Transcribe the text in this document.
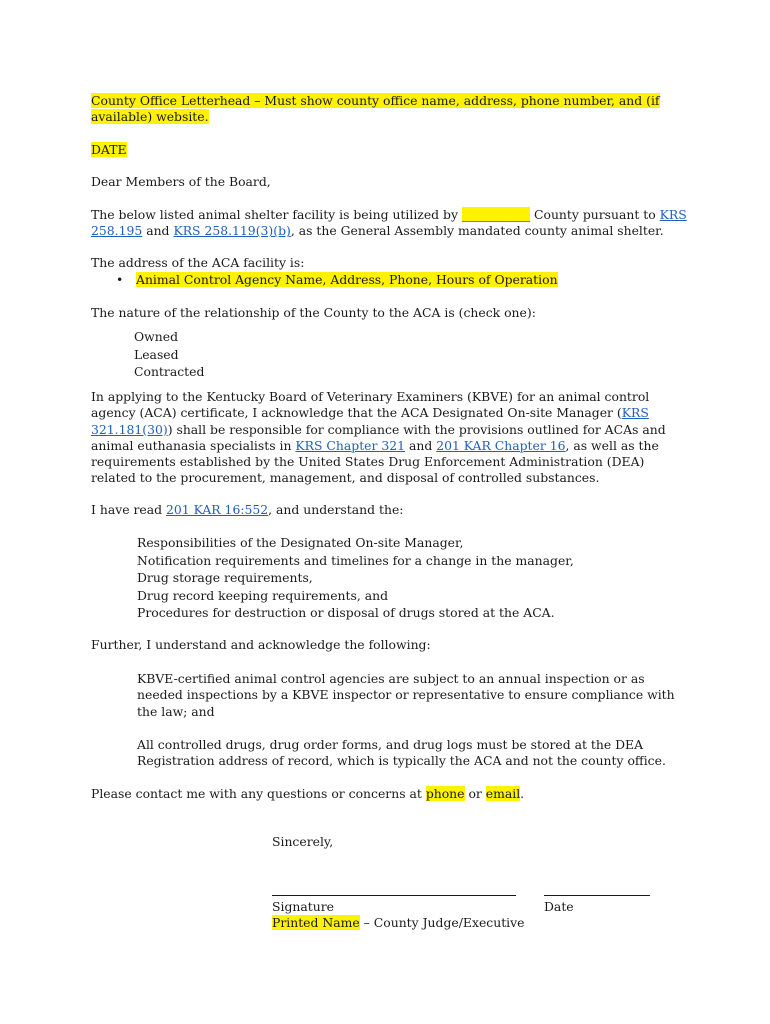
County Office Letterhead – Must show county office name, address, phone number, and (if available) website.
DATE
Dear Members of the Board,
The below listed animal shelter facility is being utilized by ___________ County pursuant to KRS 258.195 and KRS 258.119(3)(b), as the General Assembly mandated county animal shelter.
The address of the ACA facility is:
• Animal Control Agency Name, Address, Phone, Hours of Operation
The nature of the relationship of the County to the ACA is (check one):
Owned
Leased
Contracted
In applying to the Kentucky Board of Veterinary Examiners (KBVE) for an animal control agency (ACA) certificate, I acknowledge that the ACA Designated On-site Manager (KRS 321.181(30)) shall be responsible for compliance with the provisions outlined for ACAs and animal euthanasia specialists in KRS Chapter 321 and 201 KAR Chapter 16, as well as the requirements established by the United States Drug Enforcement Administration (DEA) related to the procurement, management, and disposal of controlled substances.
I have read 201 KAR 16:552, and understand the:
Responsibilities of the Designated On-site Manager,
Notification requirements and timelines for a change in the manager,
Drug storage requirements,
Drug record keeping requirements, and
Procedures for destruction or disposal of drugs stored at the ACA.
Further, I understand and acknowledge the following:
KBVE-certified animal control agencies are subject to an annual inspection or as needed inspections by a KBVE inspector or representative to ensure compliance with the law; and
All controlled drugs, drug order forms, and drug logs must be stored at the DEA Registration address of record, which is typically the ACA and not the county office.
Please contact me with any questions or concerns at phone or email.
Sincerely,
Signature	Date
Printed Name – County Judge/Executive
